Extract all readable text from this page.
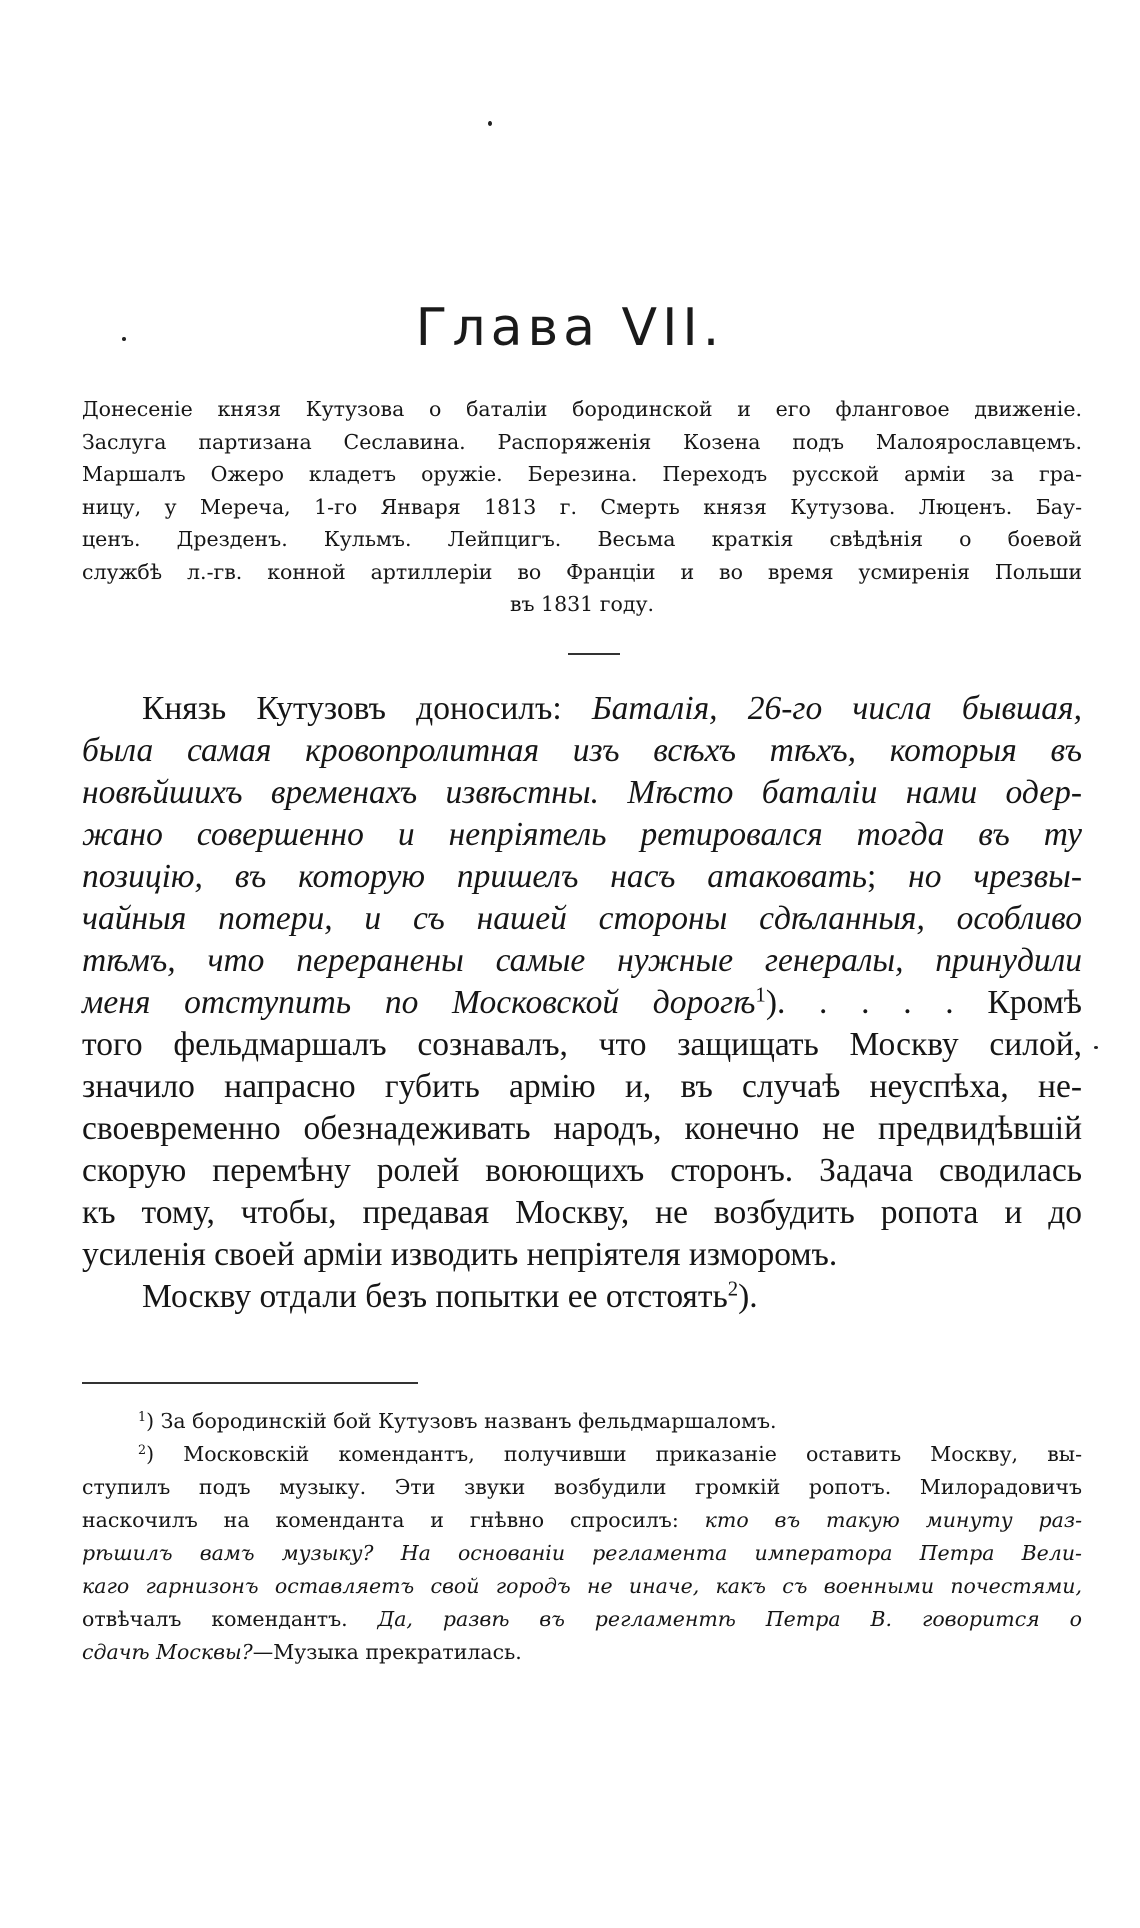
Глава VII.
Донесеніе князя Кутузова о баталіи бородинской и его фланговое движеніе.
Заслуга партизана Сеславина. Распоряженія Козена подъ Малоярославцемъ.
Маршалъ Ожеро кладетъ оружіе. Березина. Переходъ русской арміи за гра-
ницу, у Мереча, 1-го Января 1813 г. Смерть князя Кутузова. Люценъ. Бау-
ценъ. Дрезденъ. Кульмъ. Лейпцигъ. Весьма краткія свѣдѣнія о боевой
службѣ л.-гв. конной артиллеріи во Франціи и во время усмиренія Польши
въ 1831 году.
Князь Кутузовъ доносилъ: Баталія, 26-го числа бывшая,
была самая кровопролитная изъ всѣхъ тѣхъ, которыя въ
новѣйшихъ временахъ извѣстны. Мѣсто баталіи нами одер-
жано совершенно и непріятель ретировался тогда въ ту
позицію, въ которую пришелъ насъ атаковать; но чрезвы-
чайныя потери, и съ нашей стороны сдѣланныя, особливо
тѣмъ, что переранены самые нужные генералы, принудили
меня отступить по Московской дорогѣ$^1$). . . . . Кромѣ
того фельдмаршалъ сознавалъ, что защищать Москву силой,
значило напрасно губить армію и, въ случаѣ неуспѣха, не-
своевременно обезнадеживать народъ, конечно не предвидѣвшій
скорую перемѣну ролей воюющихъ сторонъ. Задача сводилась
къ тому, чтобы, предавая Москву, не возбудить ропота и до
усиленія своей арміи изводить непріятеля изморомъ.
Москву отдали безъ попытки ее отстоять$^2$).
$^1$) За бородинскій бой Кутузовъ названъ фельдмаршаломъ.
$^2$) Московскій комендантъ, получивши приказаніе оставить Москву, вы-
ступилъ подъ музыку. Эти звуки возбудили громкій ропотъ. Милорадовичъ
наскочилъ на коменданта и гнѣвно спросилъ: кто въ такую минуту раз-
рѣшилъ вамъ музыку? На основаніи регламента императора Петра Вели-
каго гарнизонъ оставляетъ свой городъ не иначе, какъ съ военными почестями,
отвѣчалъ комендантъ. Да, развѣ въ регламентѣ Петра В. говорится о
сдачѣ Москвы?—Музыка прекратилась.
